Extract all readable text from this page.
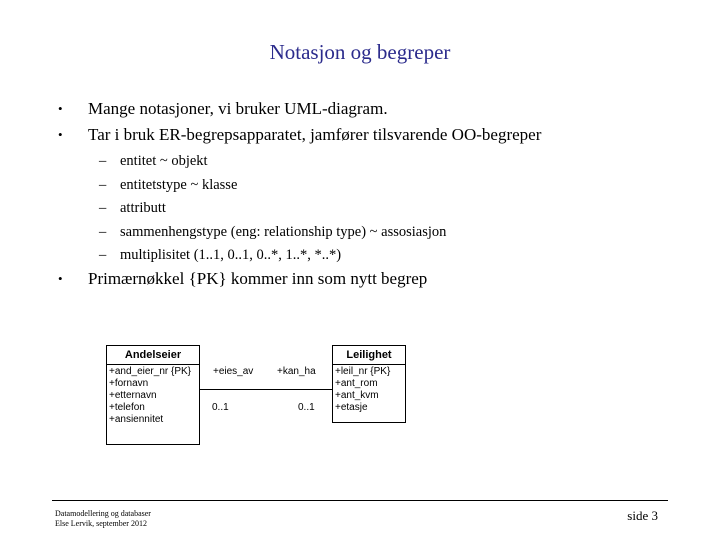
Notasjon og begreper
• Mange notasjoner, vi bruker UML-diagram.
• Tar i bruk ER-begrepsapparatet, jamfører tilsvarende OO-begreper
– entitet ~ objekt
– entitetstype ~ klasse
– attributt
– sammenhengstype (eng: relationship type) ~ assosiasjon
– multiplisitet (1..1, 0..1, 0..*, 1..*, *..*)
• Primærnøkkel {PK} kommer inn som nytt begrep
Andelseier
+and_eier_nr {PK}
+fornavn
+etternavn
+telefon
+ansiennitet
Leilighet
+leil_nr {PK}
+ant_rom
+ant_kvm
+etasje
+eies_av +kan_ha
0..1	0..1
Datamodellering og databaser
Else Lervik, september 2012	side 3
